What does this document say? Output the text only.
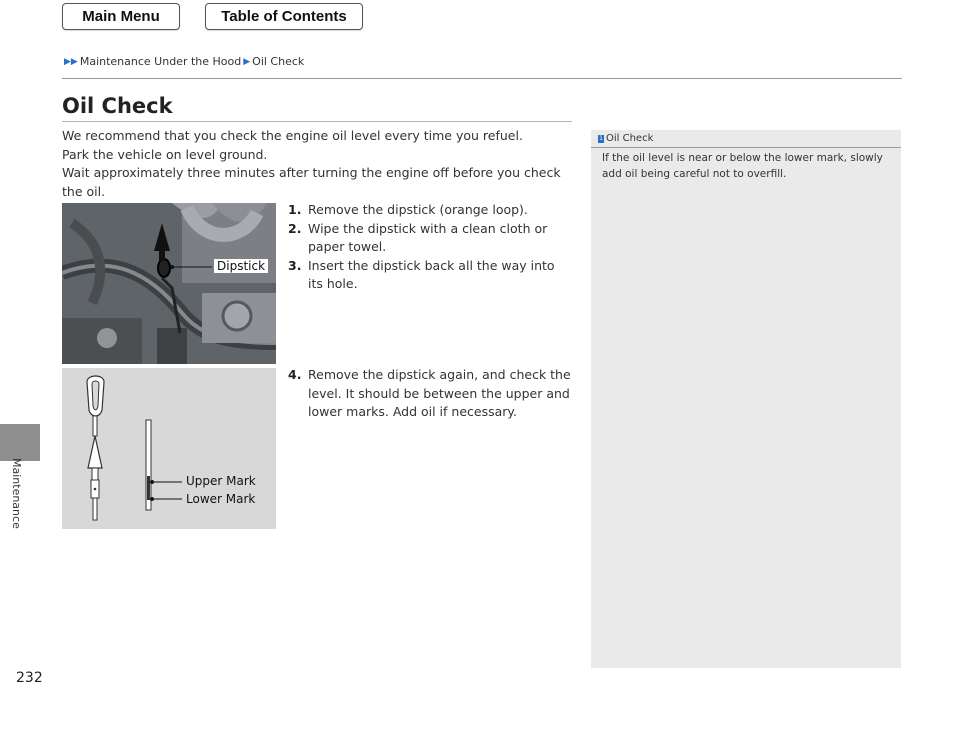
Main Menu	Table of Contents
▶▶ Maintenance Under the Hood ▶ Oil Check
Maintenance
232
Oil Check

We recommend that you check the engine oil level every time you refuel.

Park the vehicle on level ground.

Wait approximately three minutes after turning the engine off before you check the oil.

Dipstick
1. Remove the dipstick (orange loop).
2. Wipe the dipstick with a clean cloth or paper towel.
3. Insert the dipstick back all the way into its hole.
Upper Mark
Lower Mark
4. Remove the dipstick again, and check the level. It should be between the upper and lower marks. Add oil if necessary.
1 Oil Check
If the oil level is near or below the lower mark, slowly add oil being careful not to overfill.
